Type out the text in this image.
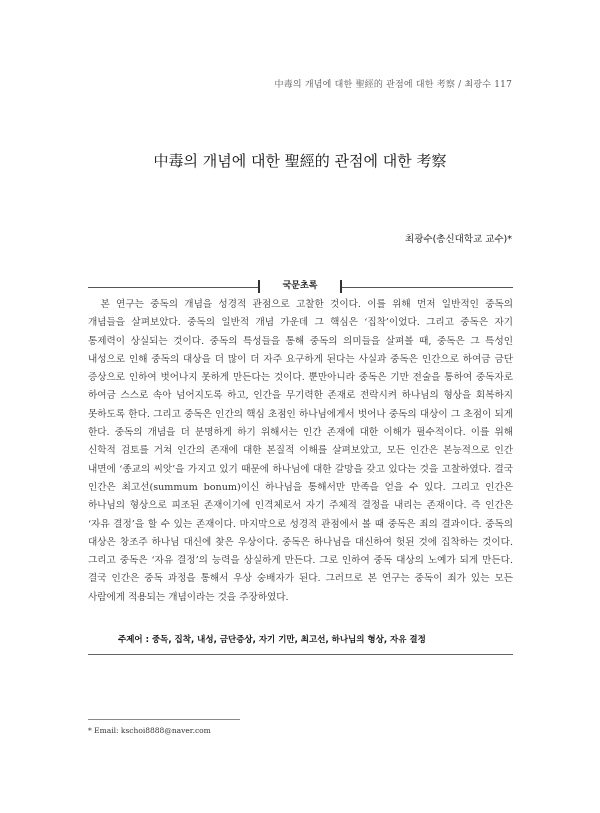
中毒의 개념에 대한 聖經的 관점에 대한 考察 / 최광수 117
中毒의 개념에 대한 聖經的 관점에 대한 考察
최광수(총신대학교 교수)*
국문초록

본 연구는 중독의 개념을 성경적 관점으로 고찰한 것이다. 이를 위해 먼저 일반적인 중독의 개념들을 살펴보았다. 중독의 일반적 개념 가운데 그 핵심은 ‘집착’이었다. 그리고 중독은 자기 통제력이 상실되는 것이다. 중독의 특성들을 통해 중독의 의미들을 살펴볼 때, 중독은 그 특성인 내성으로 인해 중독의 대상을 더 많이 더 자주 요구하게 된다는 사실과 중독은 인간으로 하여금 금단 증상으로 인하여 벗어나지 못하게 만든다는 것이다. 뿐만아니라 중독은 기만 전술을 통하여 중독자로 하여금 스스로 속아 넘어지도록 하고, 인간을 무기력한 존재로 전락시켜 하나님의 형상을 회복하지 못하도록 한다. 그리고 중독은 인간의 핵심 초점인 하나님에게서 벗어나 중독의 대상이 그 초점이 되게 한다. 중독의 개념을 더 분명하게 하기 위해서는 인간 존재에 대한 이해가 필수적이다. 이를 위해 신학적 검토를 거쳐 인간의 존재에 대한 본질적 이해를 살펴보았고, 모든 인간은 본능적으로 인간 내면에 ‘종교의 씨앗’을 가지고 있기 때문에 하나님에 대한 갈망을 갖고 있다는 것을 고찰하였다. 결국 인간은 최고선(summum bonum)이신 하나님을 통해서만 만족을 얻을 수 있다. 그리고 인간은 하나님의 형상으로 피조된 존재이기에 인격체로서 자기 주체적 결정을 내리는 존재이다. 즉 인간은 ‘자유 결정’을 할 수 있는 존재이다. 마지막으로 성경적 관점에서 볼 때 중독은 죄의 결과이다. 중독의 대상은 창조주 하나님 대신에 찾은 우상이다. 중독은 하나님을 대신하여 헛된 것에 집착하는 것이다. 그리고 중독은 ‘자유 결정’의 능력을 상실하게 만든다. 그로 인하여 중독 대상의 노예가 되게 만든다. 결국 인간은 중독 과정을 통해서 우상 숭배자가 된다. 그러므로 본 연구는 중독이 죄가 있는 모든 사람에게 적용되는 개념이라는 것을 주장하였다.

주제어 : 중독, 집착, 내성, 금단증상, 자기 기만, 최고선, 하나님의 형상, 자유 결정
* Email: kschoi8888@naver.com
